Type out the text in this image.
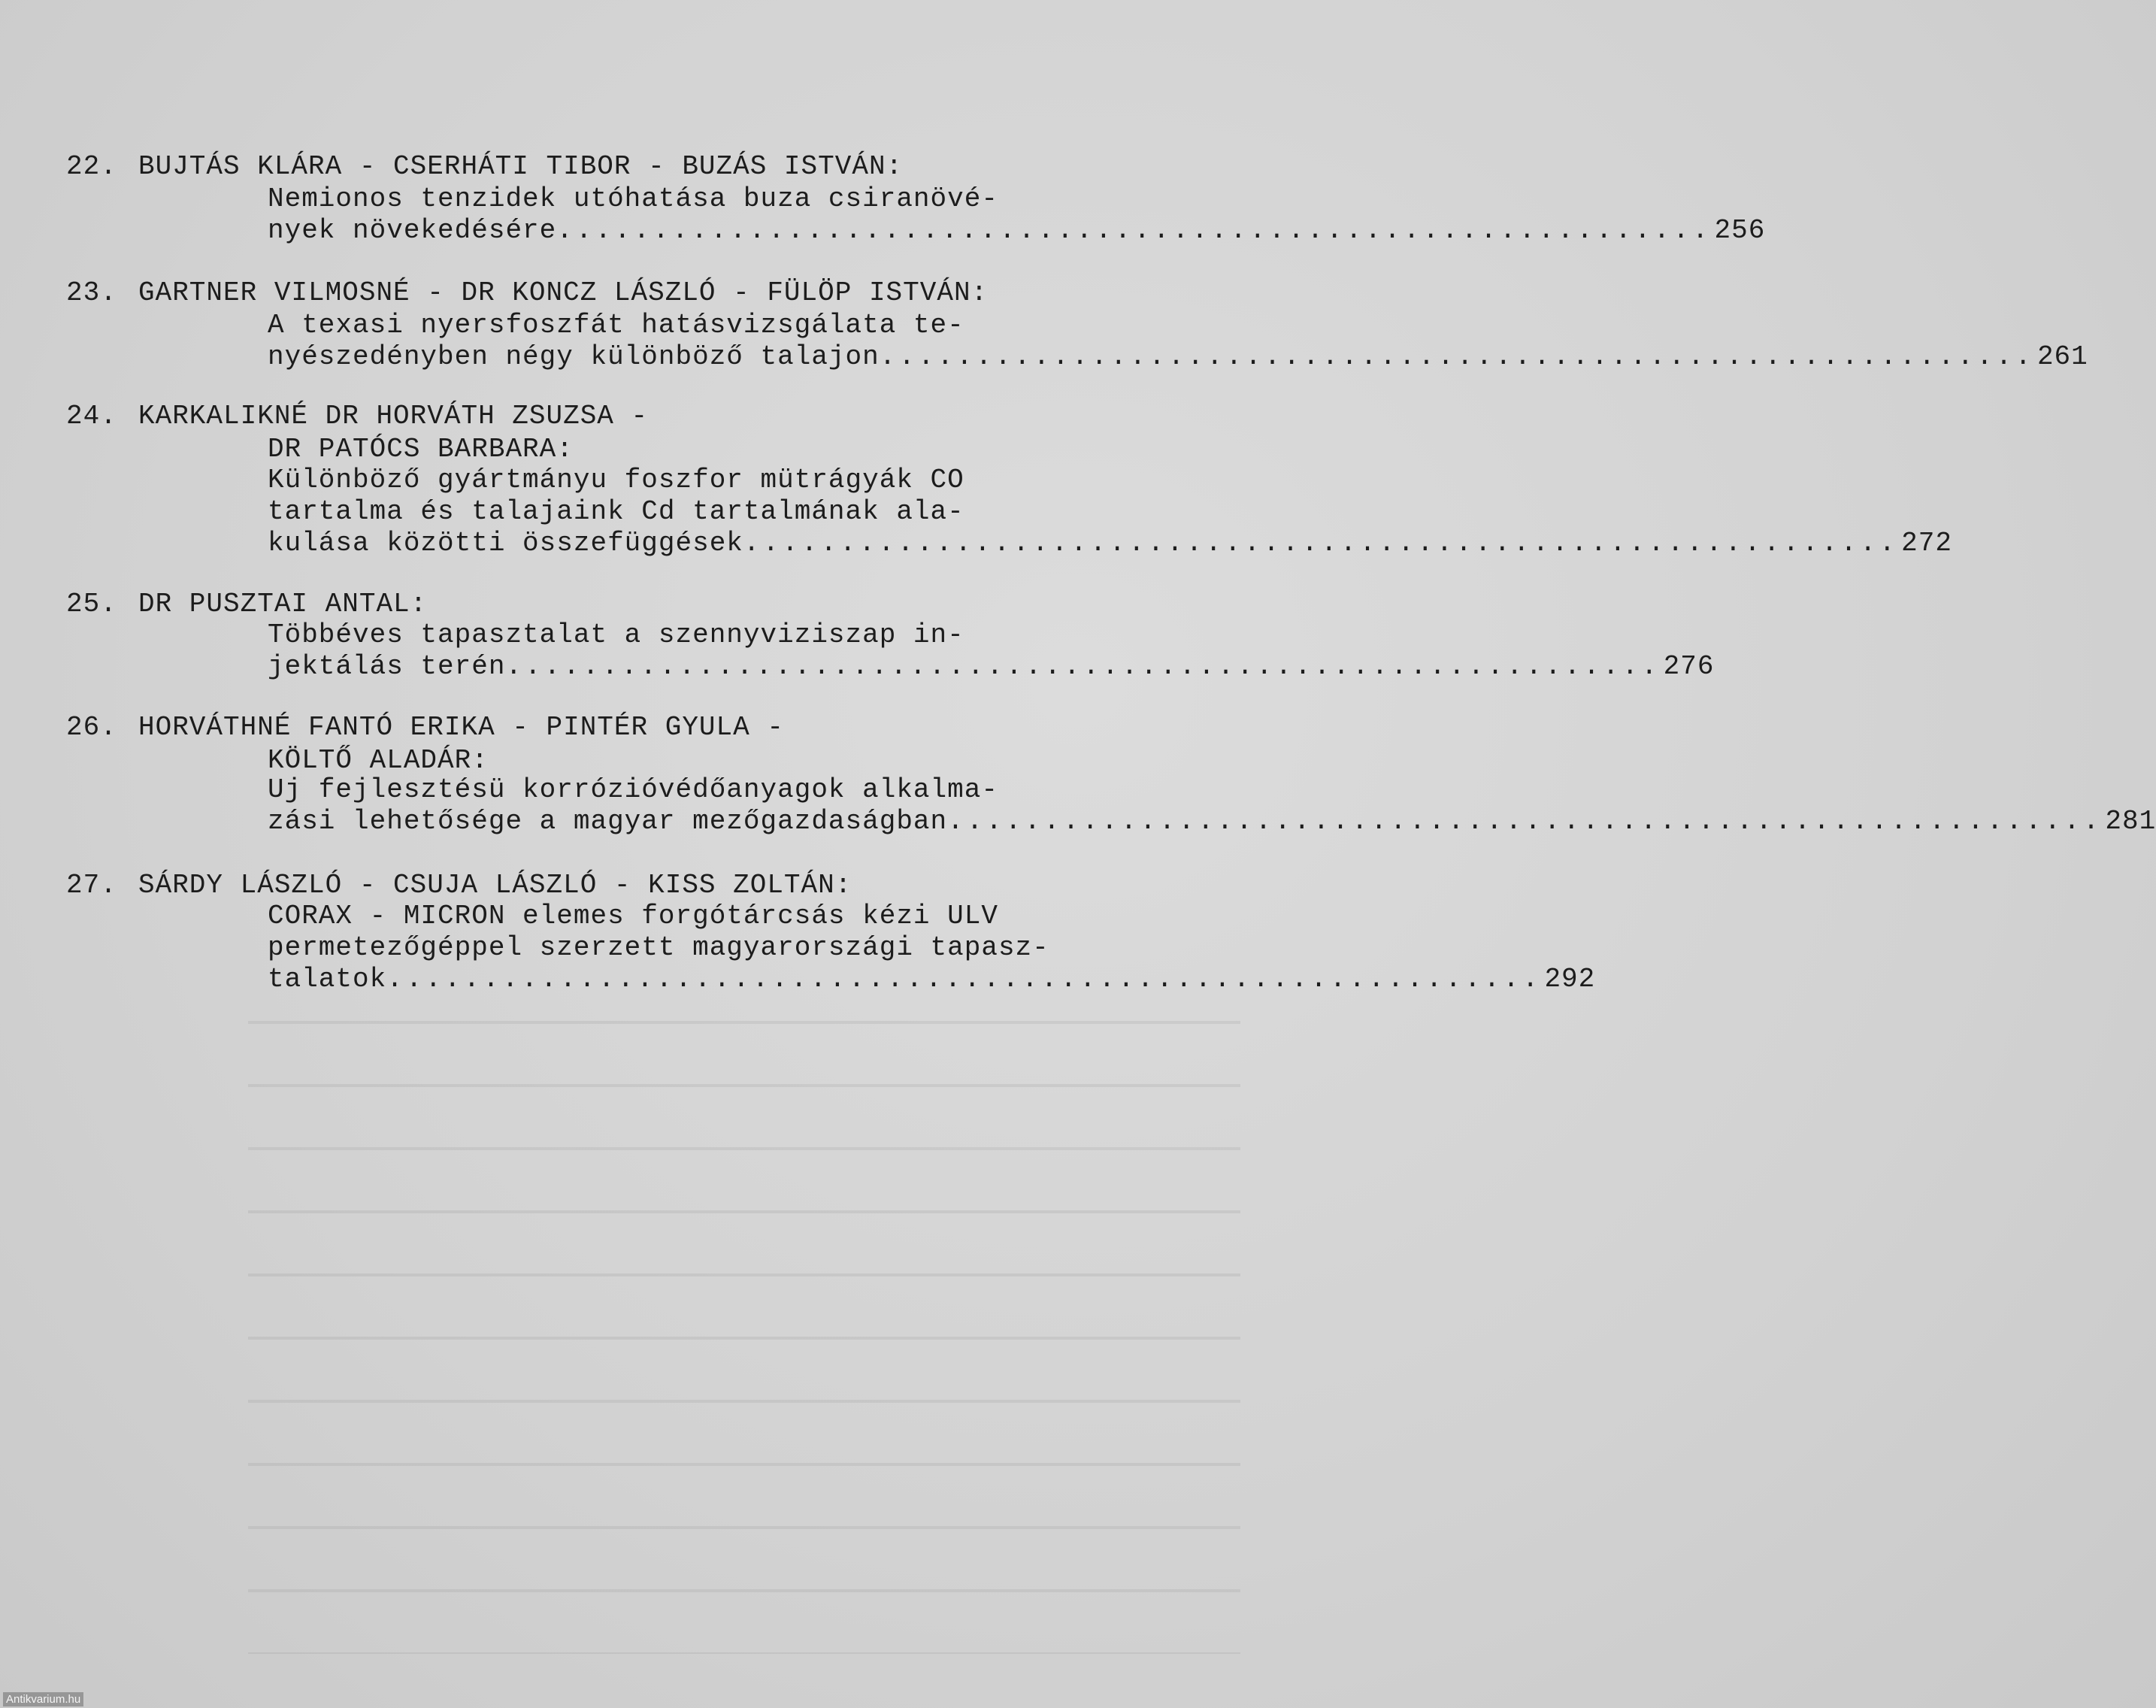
22. BUJTÁS KLÁRA - CSERHÁTI TIBOR - BUZÁS ISTVÁN:
Nemionos tenzidek utóhatása buza csiranövé-
nyek növekedésére ............................................................ 256
23. GARTNER VILMOSNÉ - DR KONCZ LÁSZLÓ - FÜLÖP ISTVÁN:
A texasi nyersfoszfát hatásvizsgálata te-
nyészedényben négy különböző talajon ............................................................ 261
24. KARKALIKNÉ DR HORVÁTH ZSUZSA -
DR PATÓCS BARBARA:
Különböző gyártmányu foszfor mütrágyák CO
tartalma és talajaink Cd tartalmának ala-
kulása közötti összefüggések ............................................................ 272
25. DR PUSZTAI ANTAL:
Többéves tapasztalat a szennyviziszap in-
jektálás terén ............................................................ 276
26. HORVÁTHNÉ FANTÓ ERIKA - PINTÉR GYULA -
KÖLTŐ ALADÁR:
Uj fejlesztésü korrózióvédőanyagok alkalma-
zási lehetősége a magyar mezőgazdaságban ............................................................ 281
27. SÁRDY LÁSZLÓ - CSUJA LÁSZLÓ - KISS ZOLTÁN:
CORAX - MICRON elemes forgótárcsás kézi ULV
permetezőgéppel szerzett magyarországi tapasz-
talatok ............................................................ 292
Antikvarium.hu
